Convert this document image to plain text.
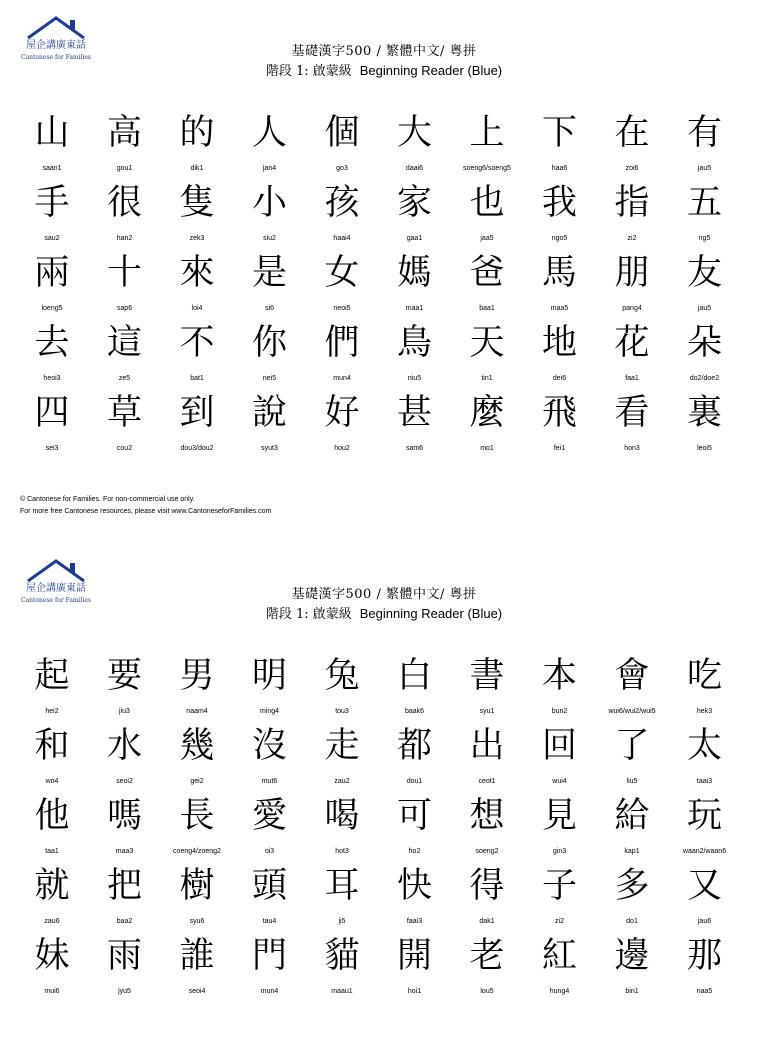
屋企講廣東話
Cantonese for Families	基礎漢字500 / 繁體中文/ 粵拼
階段 1: 啟蒙級 Beginning Reader (Blue)
山
saan1
高
gou1
的
dik1
人
jan4
個
go3
大
daai6
上
soeng6/soeng5
下
haa6
在
zoi6
有
jau5
手
sau2
很
han2
隻
zek3
小
siu2
孩
haai4
家
gaa1
也
jaa5
我
ngo5
指
zi2
五
ng5
兩
loeng5
十
sap6
來
loi4
是
si6
女
neoi5
媽
maa1
爸
baa1
馬
maa5
朋
pang4
友
jau5
去
heoi3
這
ze5
不
bat1
你
nei5
們
mun4
鳥
niu5
天
tin1
地
dei6
花
faa1
朵
do2/doe2
四
sei3
草
cou2
到
dou3/dou2
說
syut3
好
hou2
甚
sam6
麼
mo1
飛
fei1
看
hon3
裏
leoi5
© Cantonese for Families. For non-commercial use only.
For more free Cantonese resources, please visit www.CantoneseforFamilies.com
屋企講廣東話
Cantonese for Families	基礎漢字500 / 繁體中文/ 粵拼
階段 1: 啟蒙級 Beginning Reader (Blue)
起
hei2
要
jiu3
男
naam4
明
ming4
兔
tou3
白
baak6
書
syu1
本
bun2
會
wui6/wui2/wui5
吃
hek3
和
wo4
水
seoi2
幾
gei2
沒
mut6
走
zau2
都
dou1
出
ceot1
回
wui4
了
liu5
太
taai3
他
taa1
嗎
maa3
長
coeng4/zoeng2
愛
oi3
喝
hot3
可
ho2
想
soeng2
見
gin3
給
kap1
玩
waan2/waan6
就
zau6
把
baa2
樹
syu6
頭
tau4
耳
ji5
快
faai3
得
dak1
子
zi2
多
do1
又
jau6
妹
mui6
雨
jyu5
誰
seoi4
門
mun4
貓
maau1
開
hoi1
老
lou5
紅
hung4
邊
bin1
那
naa5
